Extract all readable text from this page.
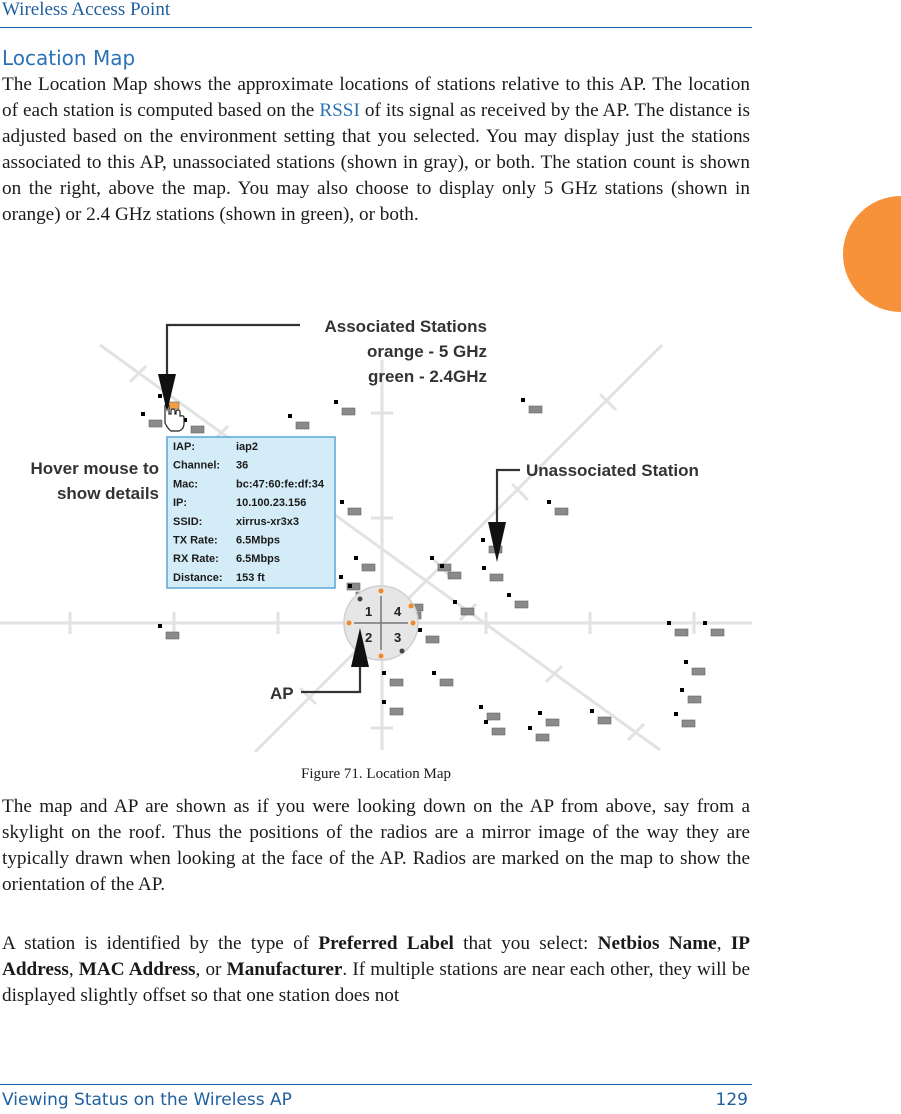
Wireless Access Point
Location Map

The Location Map shows the approximate locations of stations relative to this AP. The location of each station is computed based on the RSSI of its signal as received by the AP. The distance is adjusted based on the environment setting that you selected. You may display just the stations associated to this AP, unassociated stations (shown in gray), or both. The station count is shown on the right, above the map. You may also choose to display only 5 GHz stations (shown in orange) or 2.4 GHz stations (shown in green), or both.

1
2 3
4
IAP:	iap2
Channel: 36
Mac:	bc:47:60:fe:df:34
IP:	10.100.23.156
SSID:	xirrus-xr3x3
TX Rate: 6.5Mbps
RX Rate: 6.5Mbps
Distance: 153 ft
Associated Stations
orange - 5 GHz
green - 2.4GHz
Unassociated Station
Hover mouse to
show details
AP
Figure 71. Location Map

The map and AP are shown as if you were looking down on the AP from above, say from a skylight on the roof. Thus the positions of the radios are a mirror image of the way they are typically drawn when looking at the face of the AP. Radios are marked on the map to show the orientation of the AP.

A station is identified by the type of Preferred Label that you select: Netbios Name, IP Address, MAC Address, or Manufacturer. If multiple stations are near each other, they will be displayed slightly offset so that one station does not

Viewing Status on the Wireless AP	129
